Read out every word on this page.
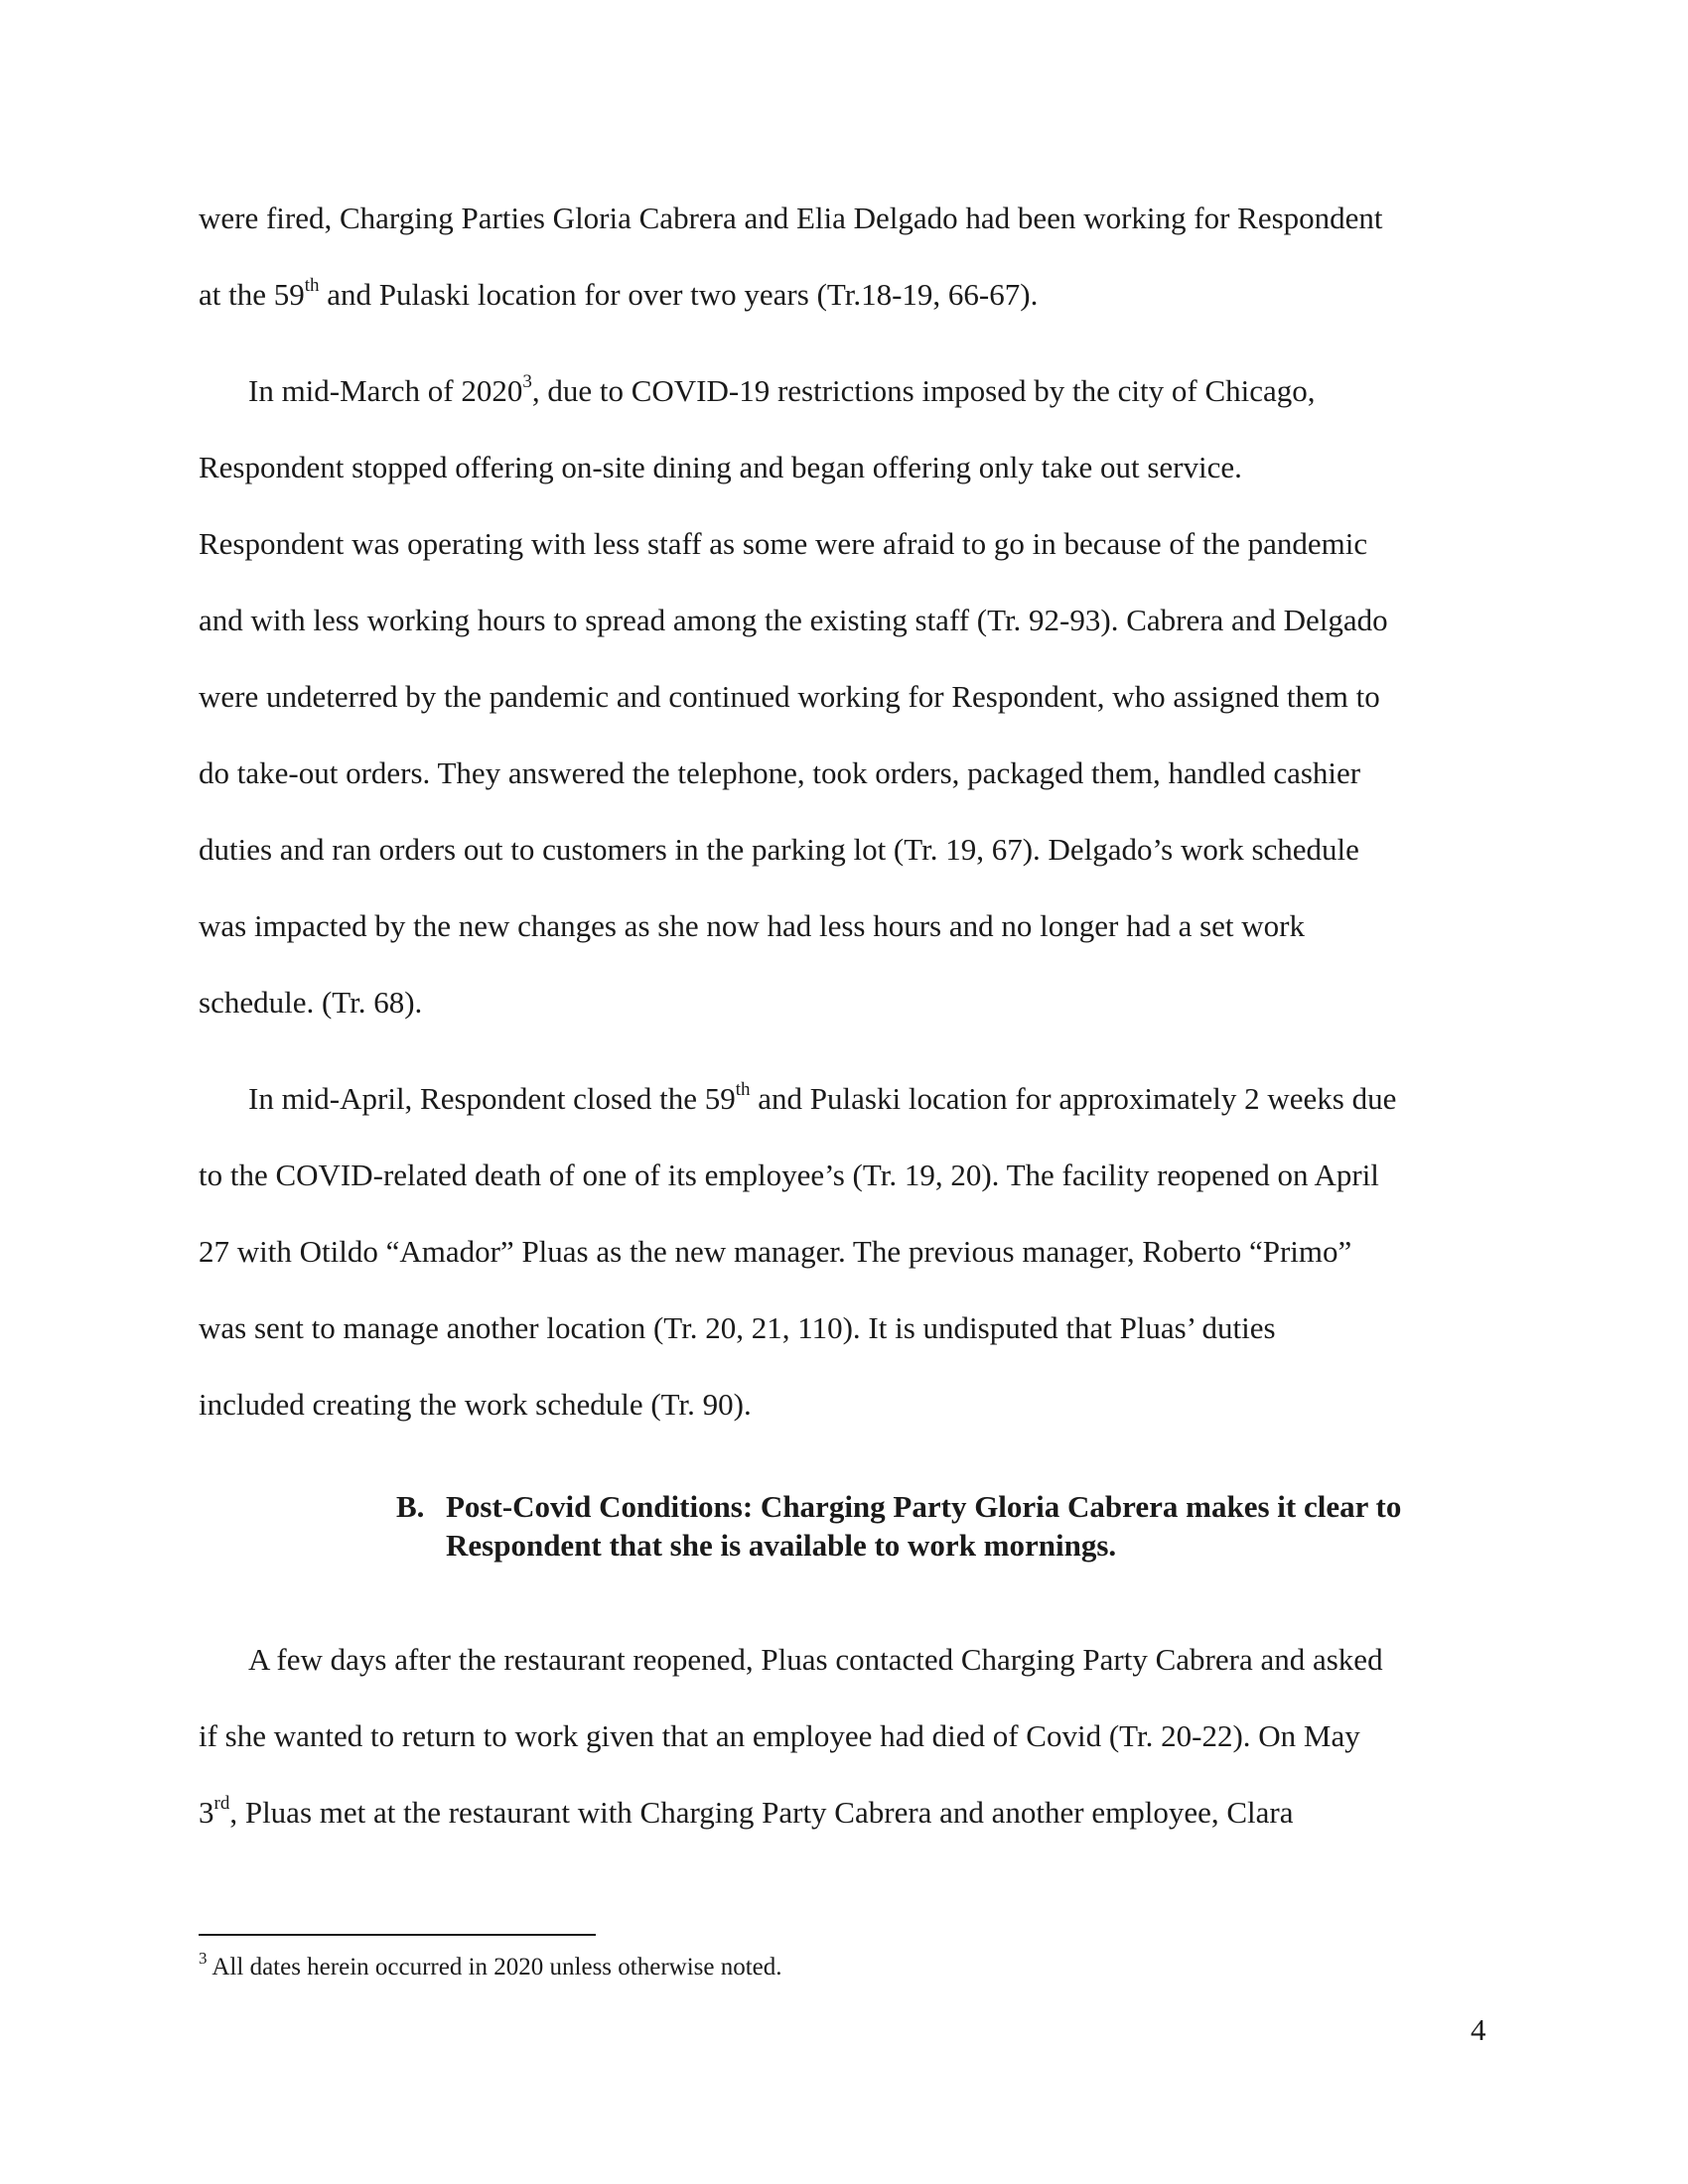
were fired, Charging Parties Gloria Cabrera and Elia Delgado had been working for Respondent
at the 59th and Pulaski location for over two years (Tr.18-19, 66-67).
In mid-March of 2020$^3$, due to COVID-19 restrictions imposed by the city of Chicago,
Respondent stopped offering on-site dining and began offering only take out service.
Respondent was operating with less staff as some were afraid to go in because of the pandemic
and with less working hours to spread among the existing staff (Tr. 92-93). Cabrera and Delgado
were undeterred by the pandemic and continued working for Respondent, who assigned them to
do take-out orders. They answered the telephone, took orders, packaged them, handled cashier
duties and ran orders out to customers in the parking lot (Tr. 19, 67). Delgado’s work schedule
was impacted by the new changes as she now had less hours and no longer had a set work
schedule. (Tr. 68).
In mid-April, Respondent closed the 59th and Pulaski location for approximately 2 weeks due
to the COVID-related death of one of its employee’s (Tr. 19, 20). The facility reopened on April
27 with Otildo “Amador” Pluas as the new manager. The previous manager, Roberto “Primo”
was sent to manage another location (Tr. 20, 21, 110). It is undisputed that Pluas’ duties
included creating the work schedule (Tr. 90).
B. Post-Covid Conditions: Charging Party Gloria Cabrera makes it clear to
Respondent that she is available to work mornings.
A few days after the restaurant reopened, Pluas contacted Charging Party Cabrera and asked
if she wanted to return to work given that an employee had died of Covid (Tr. 20-22). On May
3rd, Pluas met at the restaurant with Charging Party Cabrera and another employee, Clara
$^3$ All dates herein occurred in 2020 unless otherwise noted.
4
